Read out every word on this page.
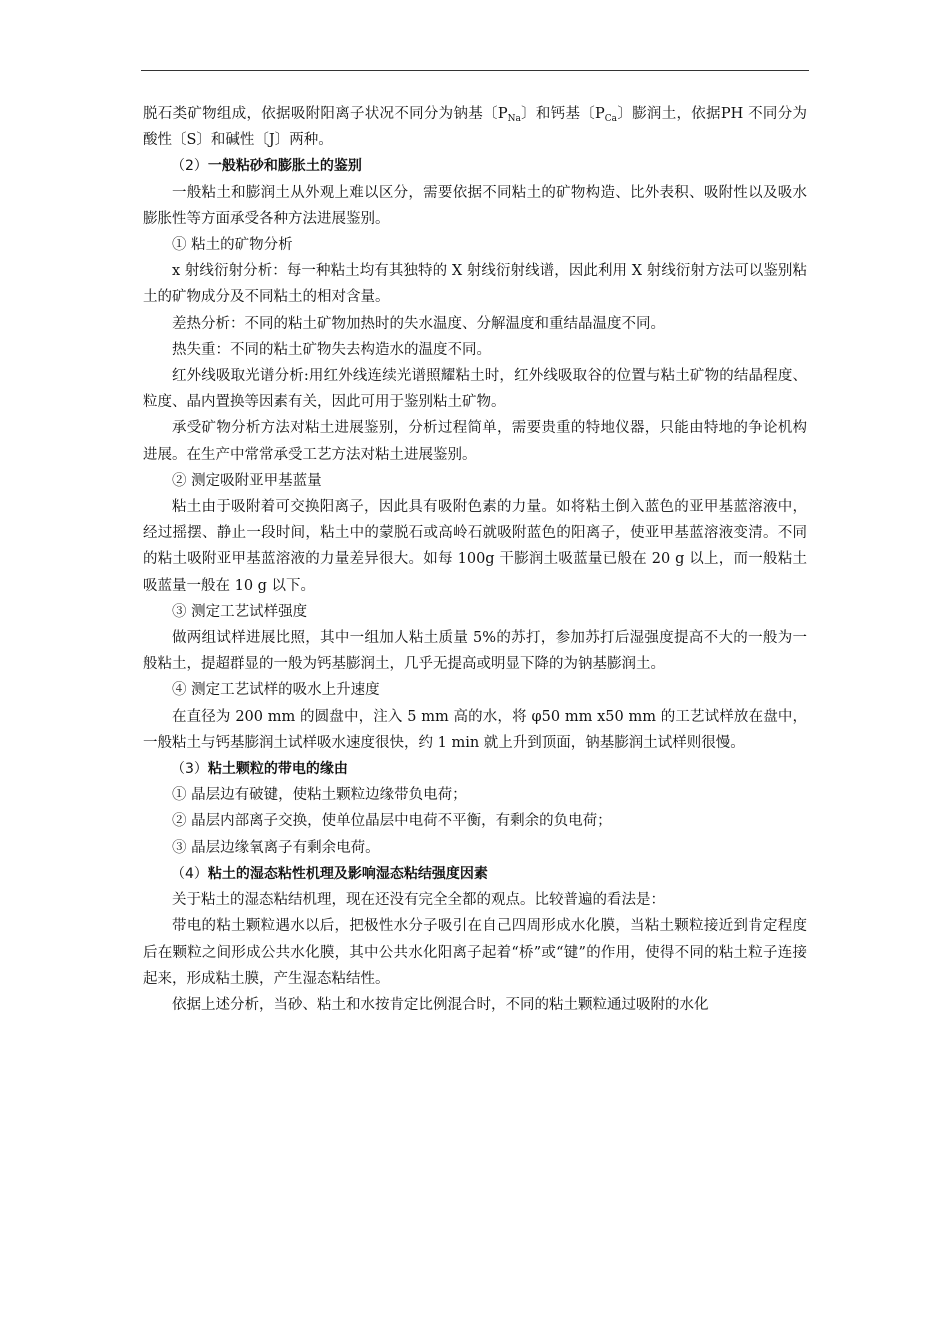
脱石类矿物组成，依据吸附阳离子状况不同分为钠基〔$P_{Na}$〕和钙基〔$P_{Ca}$〕膨润土，依据PH 不同分为酸性〔S〕和碱性〔J〕两种。

（2）一般粘砂和膨胀土的鉴别

一般粘土和膨润土从外观上难以区分，需要依据不同粘土的矿物构造、比外表积、吸附性以及吸水膨胀性等方面承受各种方法进展鉴别。

① 粘土的矿物分析

x 射线衍射分析：每一种粘土均有其独特的 X 射线衍射线谱，因此利用 X 射线衍射方法可以鉴别粘土的矿物成分及不同粘土的相对含量。

差热分析：不同的粘土矿物加热时的失水温度、分解温度和重结晶温度不同。

热失重：不同的粘土矿物失去构造水的温度不同。

红外线吸取光谱分析:用红外线连续光谱照耀粘土时，红外线吸取谷的位置与粘土矿物的结晶程度、粒度、晶内置换等因素有关，因此可用于鉴别粘土矿物。

承受矿物分析方法对粘土进展鉴别，分析过程简单，需要贵重的特地仪器，只能由特地的争论机构进展。在生产中常常承受工艺方法对粘土进展鉴别。

② 测定吸附亚甲基蓝量

粘土由于吸附着可交换阳离子，因此具有吸附色素的力量。如将粘土倒入蓝色的亚甲基蓝溶液中，经过摇摆、静止一段时间，粘土中的蒙脱石或高岭石就吸附蓝色的阳离子，使亚甲基蓝溶液变清。不同的粘土吸附亚甲基蓝溶液的力量差异很大。如每 100g 干膨润土吸蓝量已般在 20 g 以上，而一般粘土吸蓝量一般在 10 g 以下。

③ 测定工艺试样强度

做两组试样进展比照，其中一组加人粘土质量 5%的苏打，参加苏打后湿强度提高不大的一般为一般粘土，提超群显的一般为钙基膨润土，几乎无提高或明显下降的为钠基膨润土。

④ 测定工艺试样的吸水上升速度

在直径为 200 mm 的圆盘中，注入 5 mm 高的水，将 φ50 mm x50 mm 的工艺试样放在盘中，一般粘土与钙基膨润土试样吸水速度很快，约 1 min 就上升到顶面，钠基膨润土试样则很慢。

（3）粘土颗粒的带电的缘由

① 晶层边有破键，使粘土颗粒边缘带负电荷；

② 晶层内部离子交换，使单位晶层中电荷不平衡，有剩余的负电荷；

③ 晶层边缘氧离子有剩余电荷。

（4）粘土的湿态粘性机理及影响湿态粘结强度因素

关于粘土的湿态粘结机理，现在还没有完全全都的观点。比较普遍的看法是：

带电的粘土颗粒遇水以后，把极性水分子吸引在自己四周形成水化膜，当粘土颗粒接近到肯定程度后在颗粒之间形成公共水化膜，其中公共水化阳离子起着“桥”或“键”的作用，使得不同的粘土粒子连接起来，形成粘土膜，产生湿态粘结性。

依据上述分析，当砂、粘土和水按肯定比例混合时，不同的粘土颗粒通过吸附的水化
